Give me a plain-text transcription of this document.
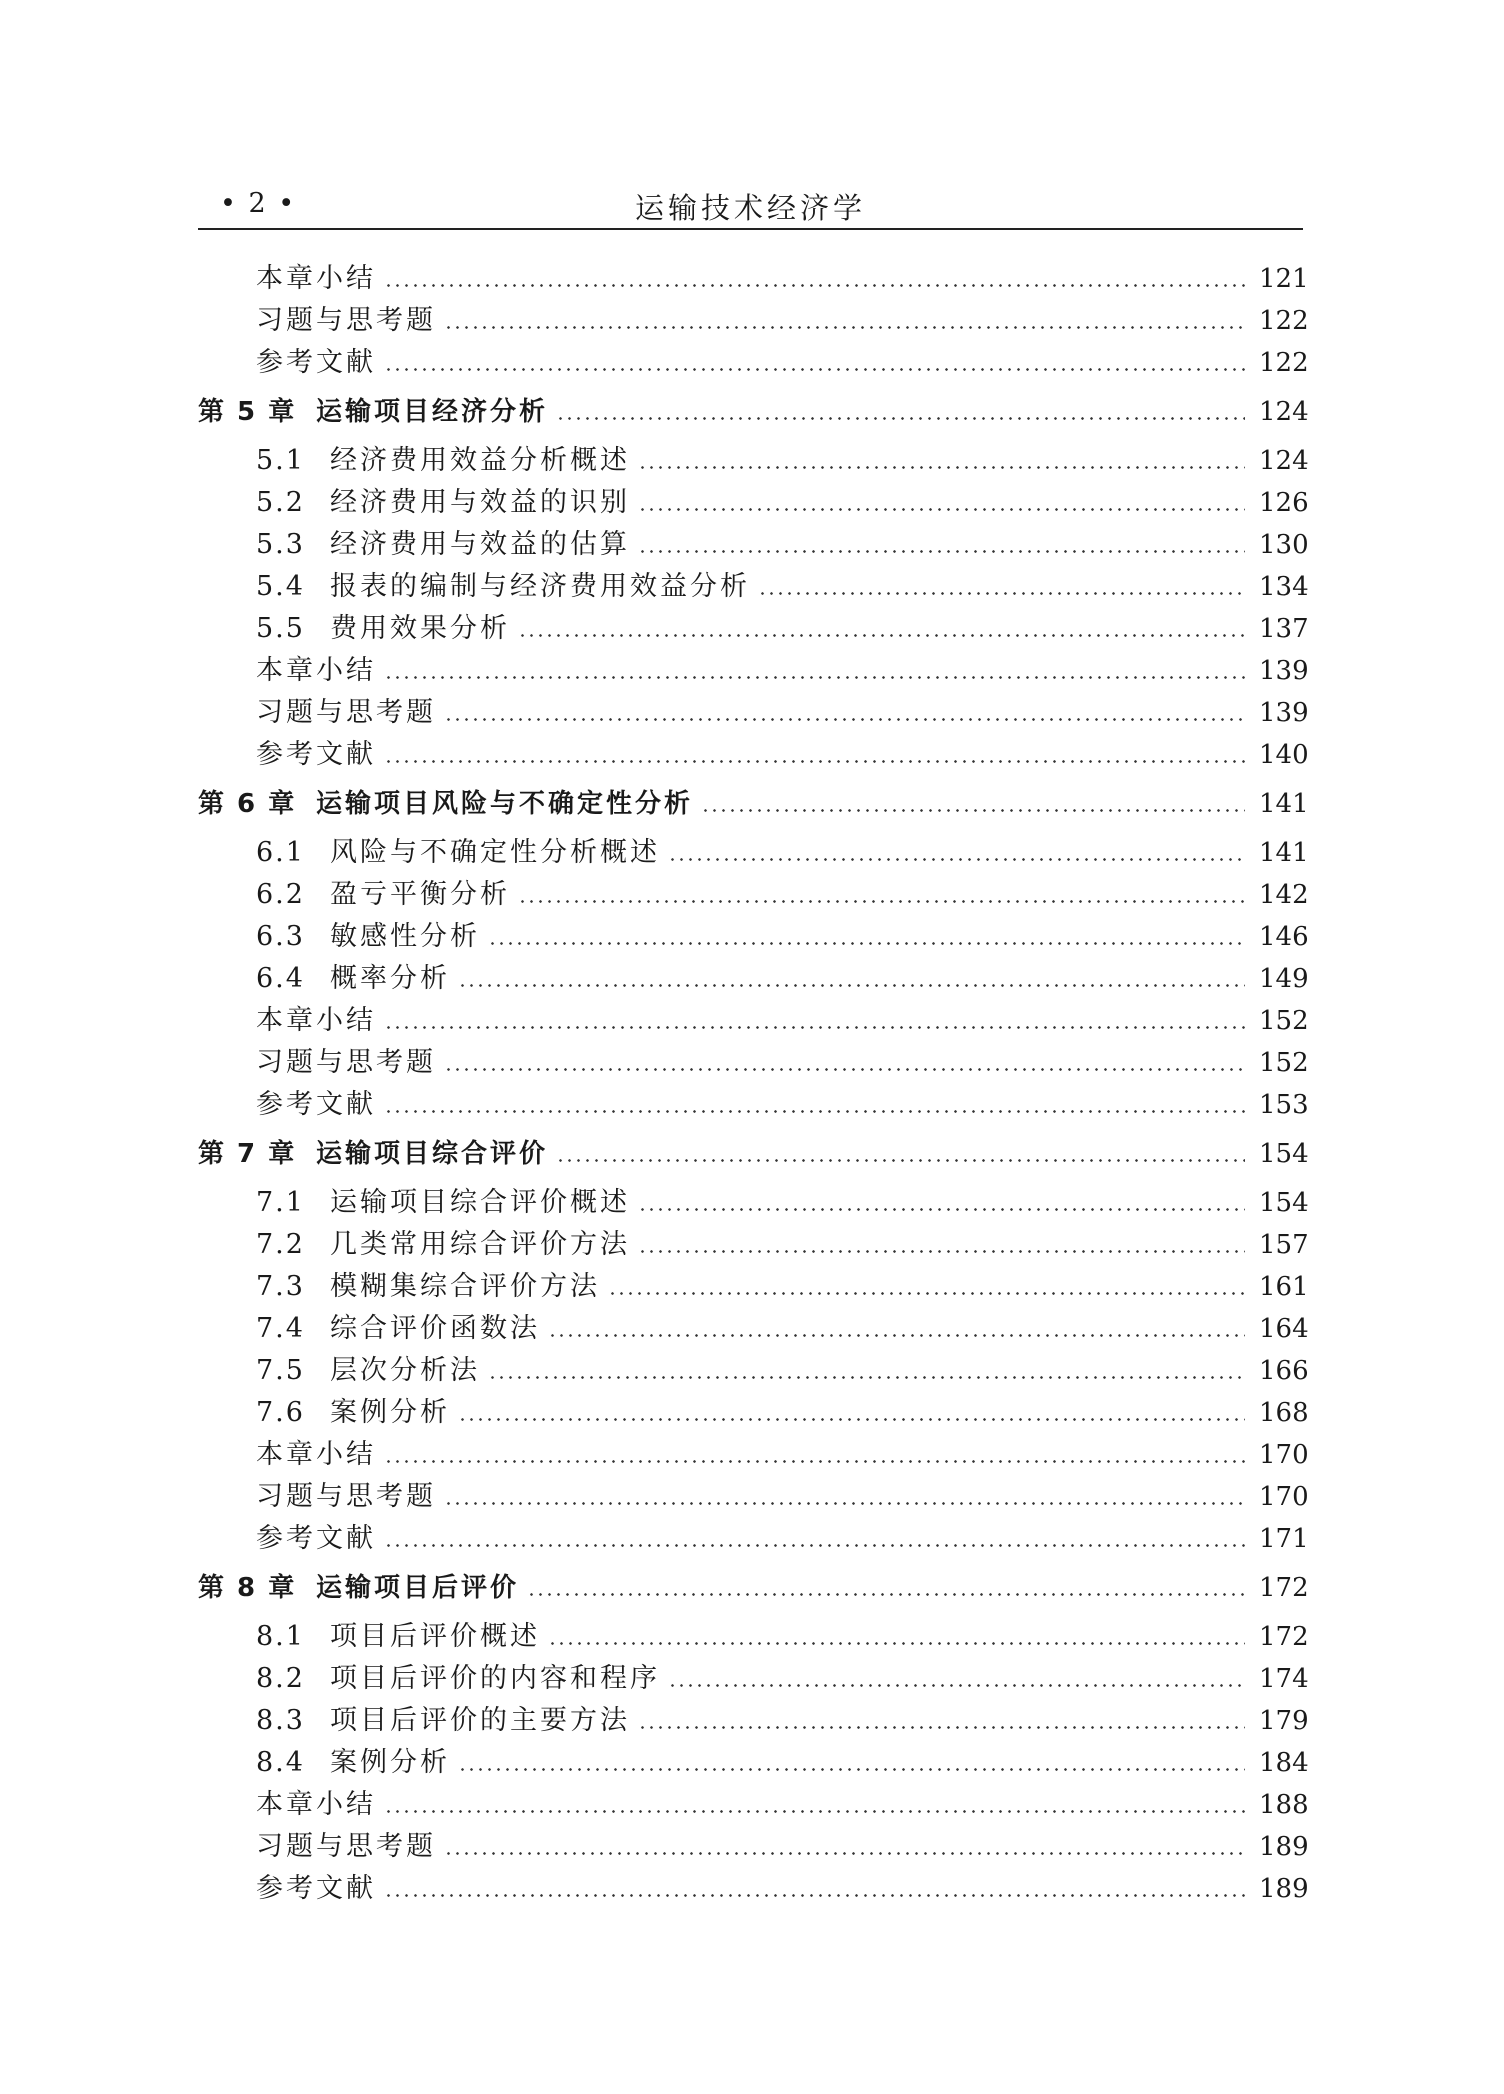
• 2 •	运输技术经济学
本章小结	121
习题与思考题	122
参考文献	122
第 5 章 运输项目经济分析	124
5.1 经济费用效益分析概述	124
5.2 经济费用与效益的识别	126
5.3 经济费用与效益的估算	130
5.4 报表的编制与经济费用效益分析	134
5.5 费用效果分析	137
本章小结	139
习题与思考题	139
参考文献	140
第 6 章 运输项目风险与不确定性分析	141
6.1 风险与不确定性分析概述	141
6.2 盈亏平衡分析	142
6.3 敏感性分析	146
6.4 概率分析	149
本章小结	152
习题与思考题	152
参考文献	153
第 7 章 运输项目综合评价	154
7.1 运输项目综合评价概述	154
7.2 几类常用综合评价方法	157
7.3 模糊集综合评价方法	161
7.4 综合评价函数法	164
7.5 层次分析法	166
7.6 案例分析	168
本章小结	170
习题与思考题	170
参考文献	171
第 8 章 运输项目后评价	172
8.1 项目后评价概述	172
8.2 项目后评价的内容和程序	174
8.3 项目后评价的主要方法	179
8.4 案例分析	184
本章小结	188
习题与思考题	189
参考文献	189
